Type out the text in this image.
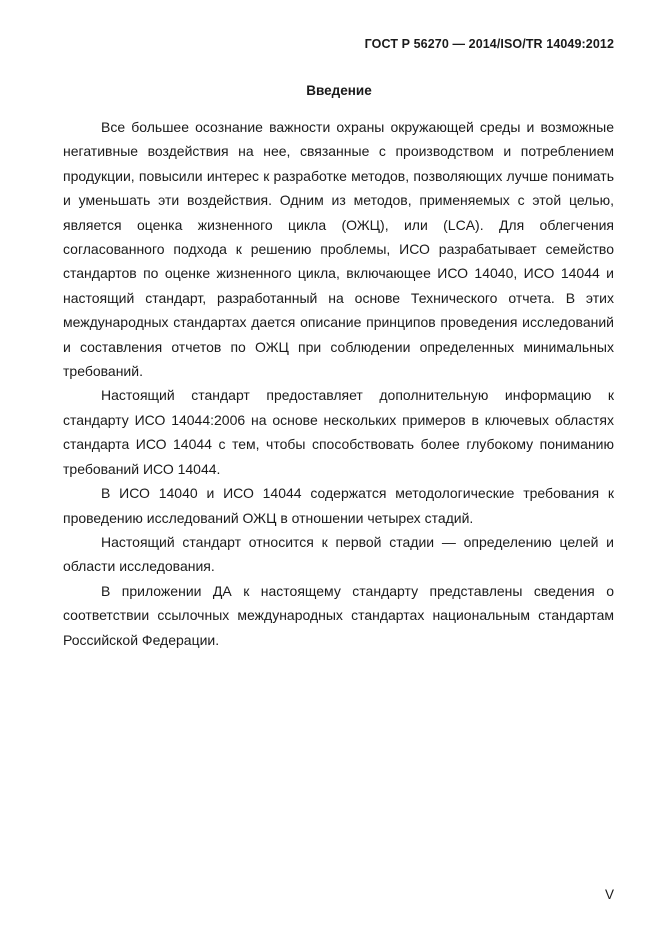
ГОСТ Р 56270 — 2014/ISO/TR 14049:2012
Введение

Все большее осознание важности охраны окружающей среды и возможные негативные воздействия на нее, связанные с производством и потреблением продукции, повысили интерес к разработке методов, позволяющих лучше понимать и уменьшать эти воздействия. Одним из методов, применяемых с этой целью, является оценка жизненного цикла (ОЖЦ), или (LCA). Для облегчения согласованного подхода к решению проблемы, ИСО разрабатывает семейство стандартов по оценке жизненного цикла, включающее ИСО 14040, ИСО 14044 и настоящий стандарт, разработанный на основе Технического отчета. В этих международных стандартах дается описание принципов проведения исследований и составления отчетов по ОЖЦ при соблюдении определенных минимальных требований.

Настоящий стандарт предоставляет дополнительную информацию к стандарту ИСО 14044:2006 на основе нескольких примеров в ключевых областях стандарта ИСО 14044 с тем, чтобы способствовать более глубокому пониманию требований ИСО 14044.

В ИСО 14040 и ИСО 14044 содержатся методологические требования к проведению исследований ОЖЦ в отношении четырех стадий.

Настоящий стандарт относится к первой стадии — определению целей и области исследования.

В приложении ДА к настоящему стандарту представлены сведения о соответствии ссылочных международных стандартах национальным стандартам Российской Федерации.

V
